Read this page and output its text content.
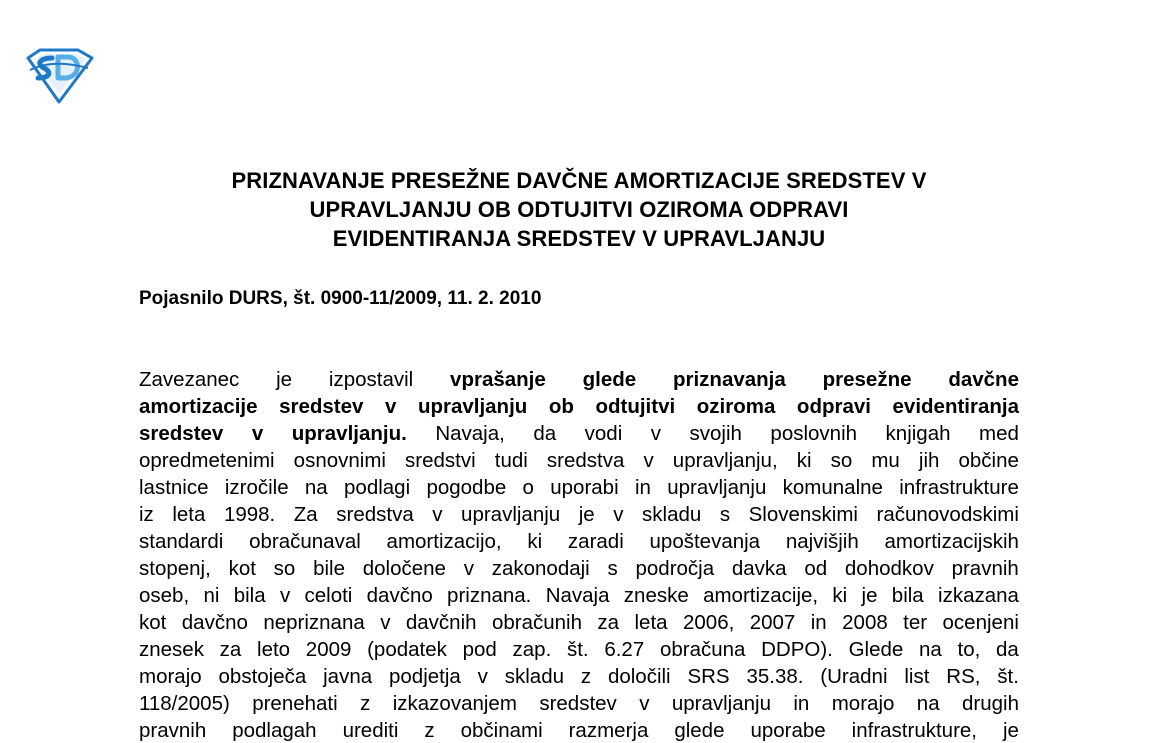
PRIZNAVANJE PRESEŽNE DAVČNE AMORTIZACIJE SREDSTEV V
UPRAVLJANJU OB ODTUJITVI OZIROMA ODPRAVI
EVIDENTIRANJA SREDSTEV V UPRAVLJANJU
Pojasnilo DURS, št. 0900-11/2009, 11. 2. 2010
Zavezanec je izpostavil vprašanje glede priznavanja presežne davčne
amortizacije sredstev v upravljanju ob odtujitvi oziroma odpravi evidentiranja
sredstev v upravljanju. Navaja, da vodi v svojih poslovnih knjigah med
opredmetenimi osnovnimi sredstvi tudi sredstva v upravljanju, ki so mu jih občine
lastnice izročile na podlagi pogodbe o uporabi in upravljanju komunalne infrastrukture
iz leta 1998. Za sredstva v upravljanju je v skladu s Slovenskimi računovodskimi
standardi obračunaval amortizacijo, ki zaradi upoštevanja najvišjih amortizacijskih
stopenj, kot so bile določene v zakonodaji s področja davka od dohodkov pravnih
oseb, ni bila v celoti davčno priznana. Navaja zneske amortizacije, ki je bila izkazana
kot davčno nepriznana v davčnih obračunih za leta 2006, 2007 in 2008 ter ocenjeni
znesek za leto 2009 (podatek pod zap. št. 6.27 obračuna DDPO). Glede na to, da
morajo obstoječa javna podjetja v skladu z določili SRS 35.38. (Uradni list RS, št.
118/2005) prenehati z izkazovanjem sredstev v upravljanju in morajo na drugih
pravnih podlagah urediti z občinami razmerja glede uporabe infrastrukture, je
